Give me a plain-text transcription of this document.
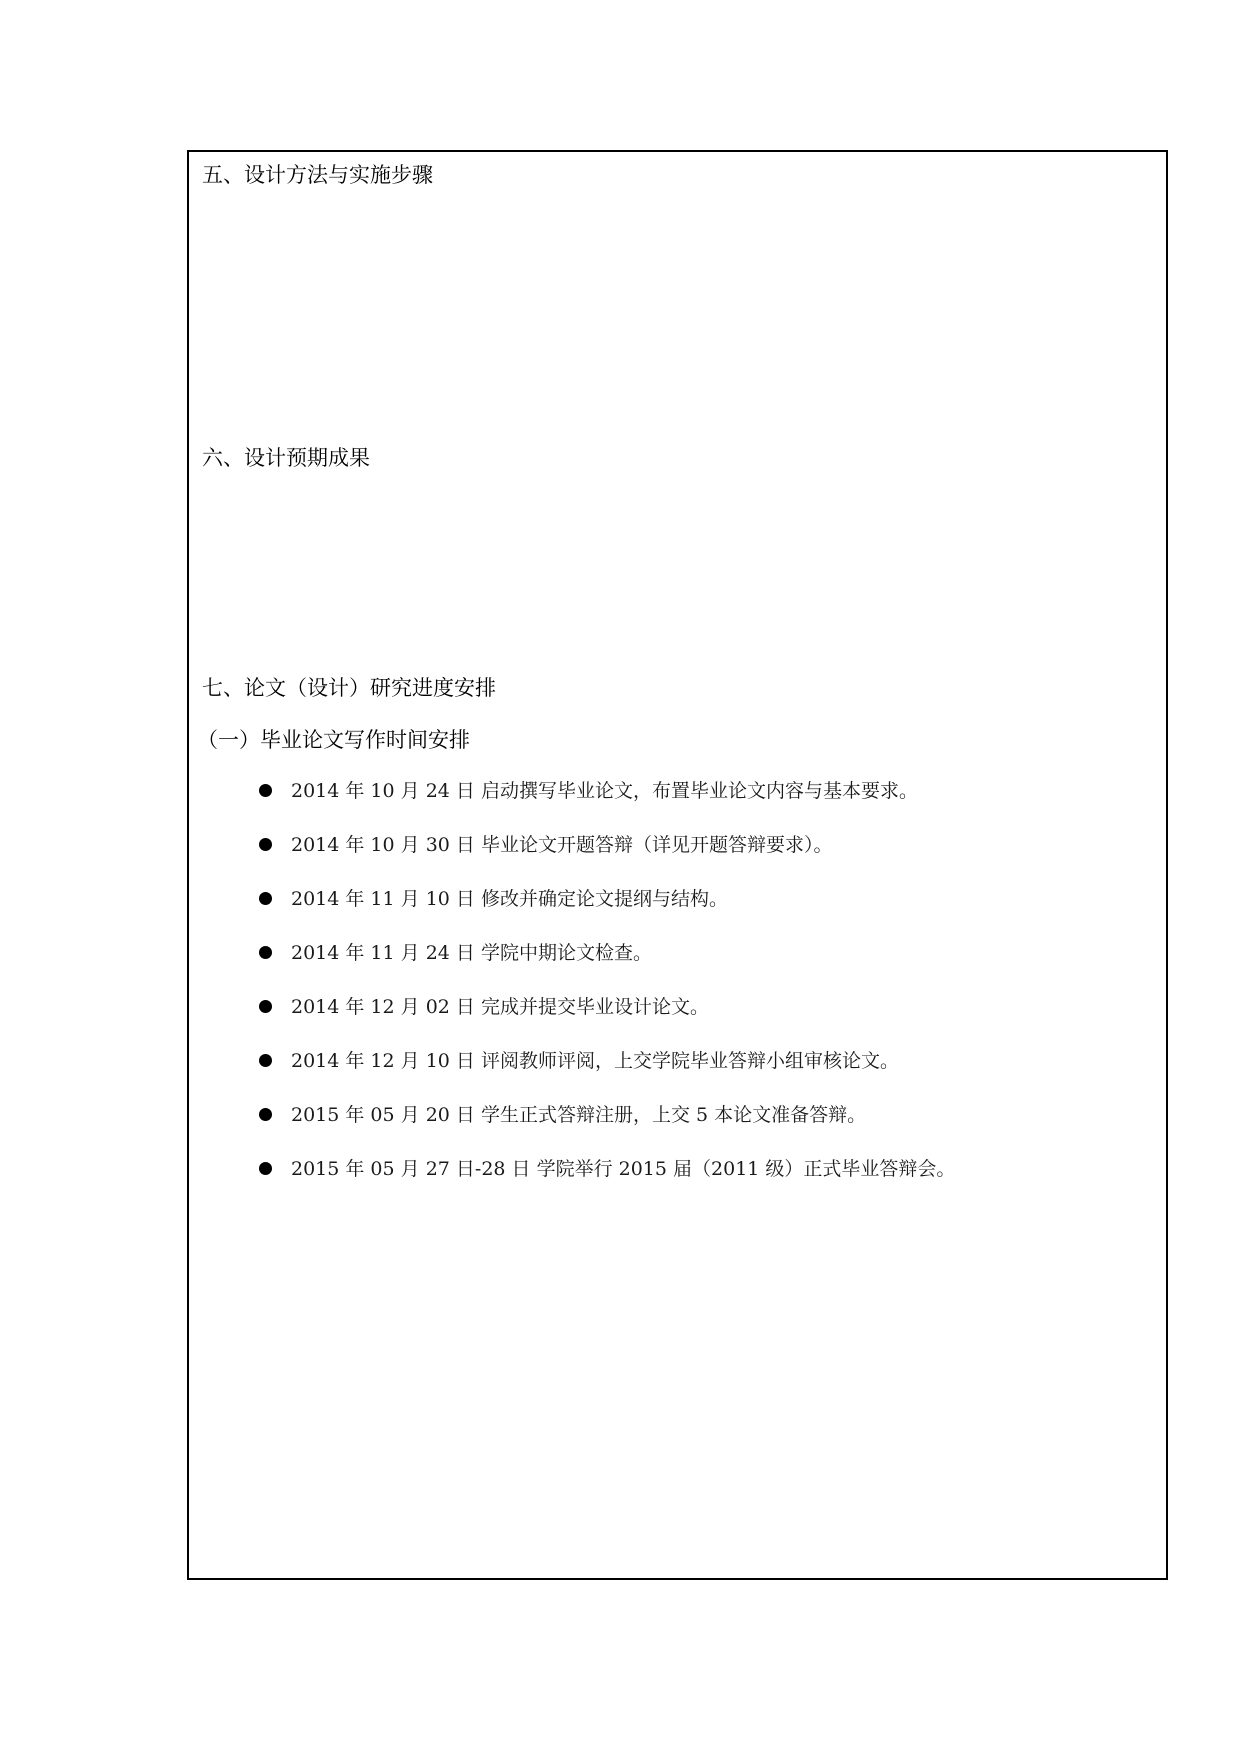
五、设计方法与实施步骤
六、设计预期成果
七、论文（设计）研究进度安排
（一）毕业论文写作时间安排
2014 年 10 月 24 日 启动撰写毕业论文，布置毕业论文内容与基本要求。
2014 年 10 月 30 日 毕业论文开题答辩（详见开题答辩要求）。
2014 年 11 月 10 日 修改并确定论文提纲与结构。
2014 年 11 月 24 日 学院中期论文检查。
2014 年 12 月 02 日 完成并提交毕业设计论文。
2014 年 12 月 10 日 评阅教师评阅，上交学院毕业答辩小组审核论文。
2015 年 05 月 20 日 学生正式答辩注册，上交 5 本论文准备答辩。
2015 年 05 月 27 日-28 日 学院举行 2015 届（2011 级）正式毕业答辩会。
